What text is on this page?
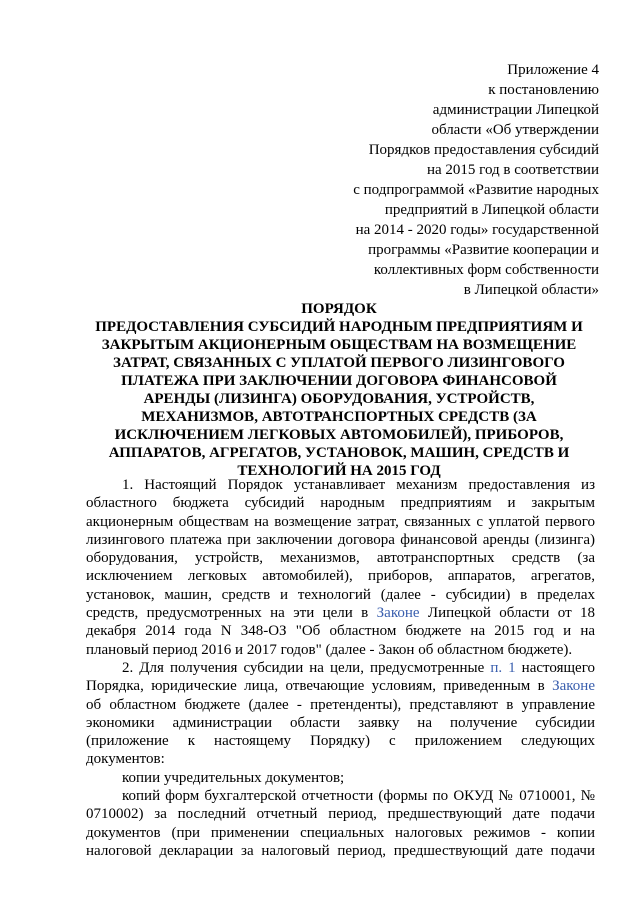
Приложение 4
к постановлению
администрации Липецкой
области «Об утверждении
Порядков предоставления субсидий
на 2015 год в соответствии
с подпрограммой «Развитие народных
предприятий в Липецкой области
на 2014 - 2020 годы» государственной
программы «Развитие кооперации и
коллективных форм собственности
в Липецкой области»
ПОРЯДОК
ПРЕДОСТАВЛЕНИЯ СУБСИДИЙ НАРОДНЫМ ПРЕДПРИЯТИЯМ И
ЗАКРЫТЫМ АКЦИОНЕРНЫМ ОБЩЕСТВАМ НА ВОЗМЕЩЕНИЕ
ЗАТРАТ, СВЯЗАННЫХ С УПЛАТОЙ ПЕРВОГО ЛИЗИНГОВОГО
ПЛАТЕЖА ПРИ ЗАКЛЮЧЕНИИ ДОГОВОРА ФИНАНСОВОЙ
АРЕНДЫ (ЛИЗИНГА) ОБОРУДОВАНИЯ, УСТРОЙСТВ,
МЕХАНИЗМОВ, АВТОТРАНСПОРТНЫХ СРЕДСТВ (ЗА
ИСКЛЮЧЕНИЕМ ЛЕГКОВЫХ АВТОМОБИЛЕЙ), ПРИБОРОВ,
АППАРАТОВ, АГРЕГАТОВ, УСТАНОВОК, МАШИН, СРЕДСТВ И
ТЕХНОЛОГИЙ НА 2015 ГОД
1. Настоящий Порядок устанавливает механизм предоставления из
областного бюджета субсидий народным предприятиям и закрытым
акционерным обществам на возмещение затрат, связанных с уплатой первого
лизингового платежа при заключении договора финансовой аренды (лизинга)
оборудования, устройств, механизмов, автотранспортных средств (за
исключением легковых автомобилей), приборов, аппаратов, агрегатов,
установок, машин, средств и технологий (далее - субсидии) в пределах
средств, предусмотренных на эти цели в Законе Липецкой области от 18
декабря 2014 года N 348-ОЗ "Об областном бюджете на 2015 год и на
плановый период 2016 и 2017 годов" (далее - Закон об областном бюджете).
2. Для получения субсидии на цели, предусмотренные п. 1 настоящего
Порядка, юридические лица, отвечающие условиям, приведенным в Законе
об областном бюджете (далее - претенденты), представляют в управление
экономики администрации области заявку на получение субсидии
(приложение к настоящему Порядку) с приложением следующих
документов:
копии учредительных документов;
копий форм бухгалтерской отчетности (формы по ОКУД № 0710001, №
0710002) за последний отчетный период, предшествующий дате подачи
документов (при применении специальных налоговых режимов - копии
налоговой декларации за налоговый период, предшествующий дате подачи
